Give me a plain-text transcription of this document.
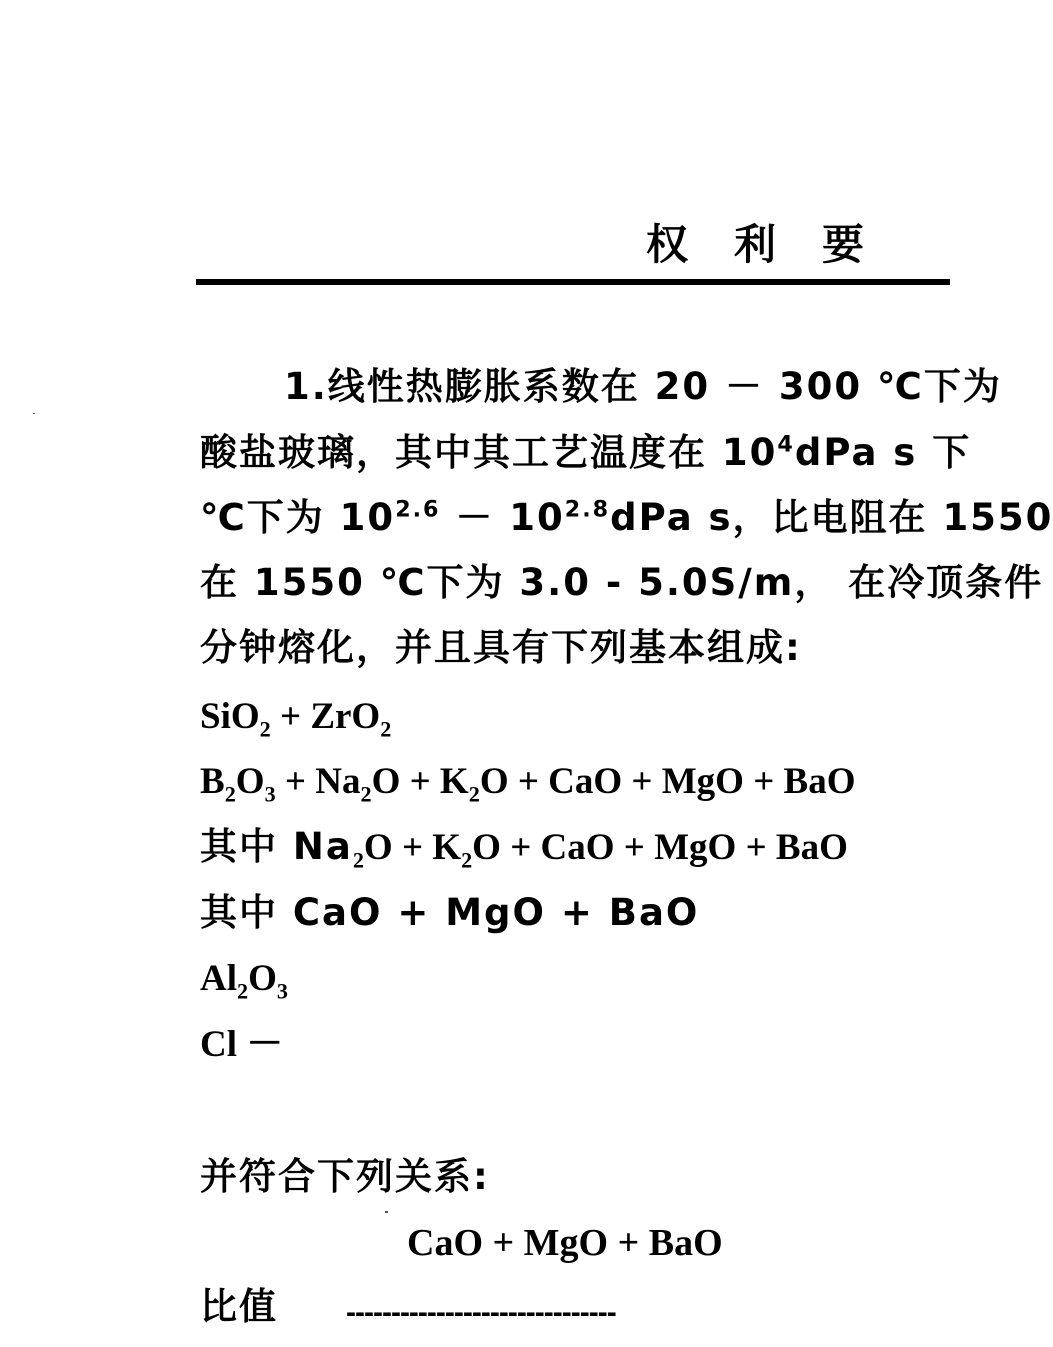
权 利 要
1.线性热膨胀系数在 20 － 300 ℃下为
酸盐玻璃，其中其工艺温度在 $10^4dPa$ s 下
℃下为 $10^{2.6} - 10^{2.8}dPa$ s，比电阻在 1550
在 1550 ℃下为 3.0 - 5.0S/m， 在冷顶条件
分钟熔化，并且具有下列基本组成:
SiO$_2$ + ZrO$_2$
$B_2O_3 + Na_2O + K_2O$ + CaO + MgO + BaO
其中 $Na_2O + K_2O$ + CaO + MgO + BaO
其中 CaO + MgO + BaO
$Al_2O_3$
Cl －
并符合下列关系:
CaO + MgO + BaO
比值 ------------------------------
